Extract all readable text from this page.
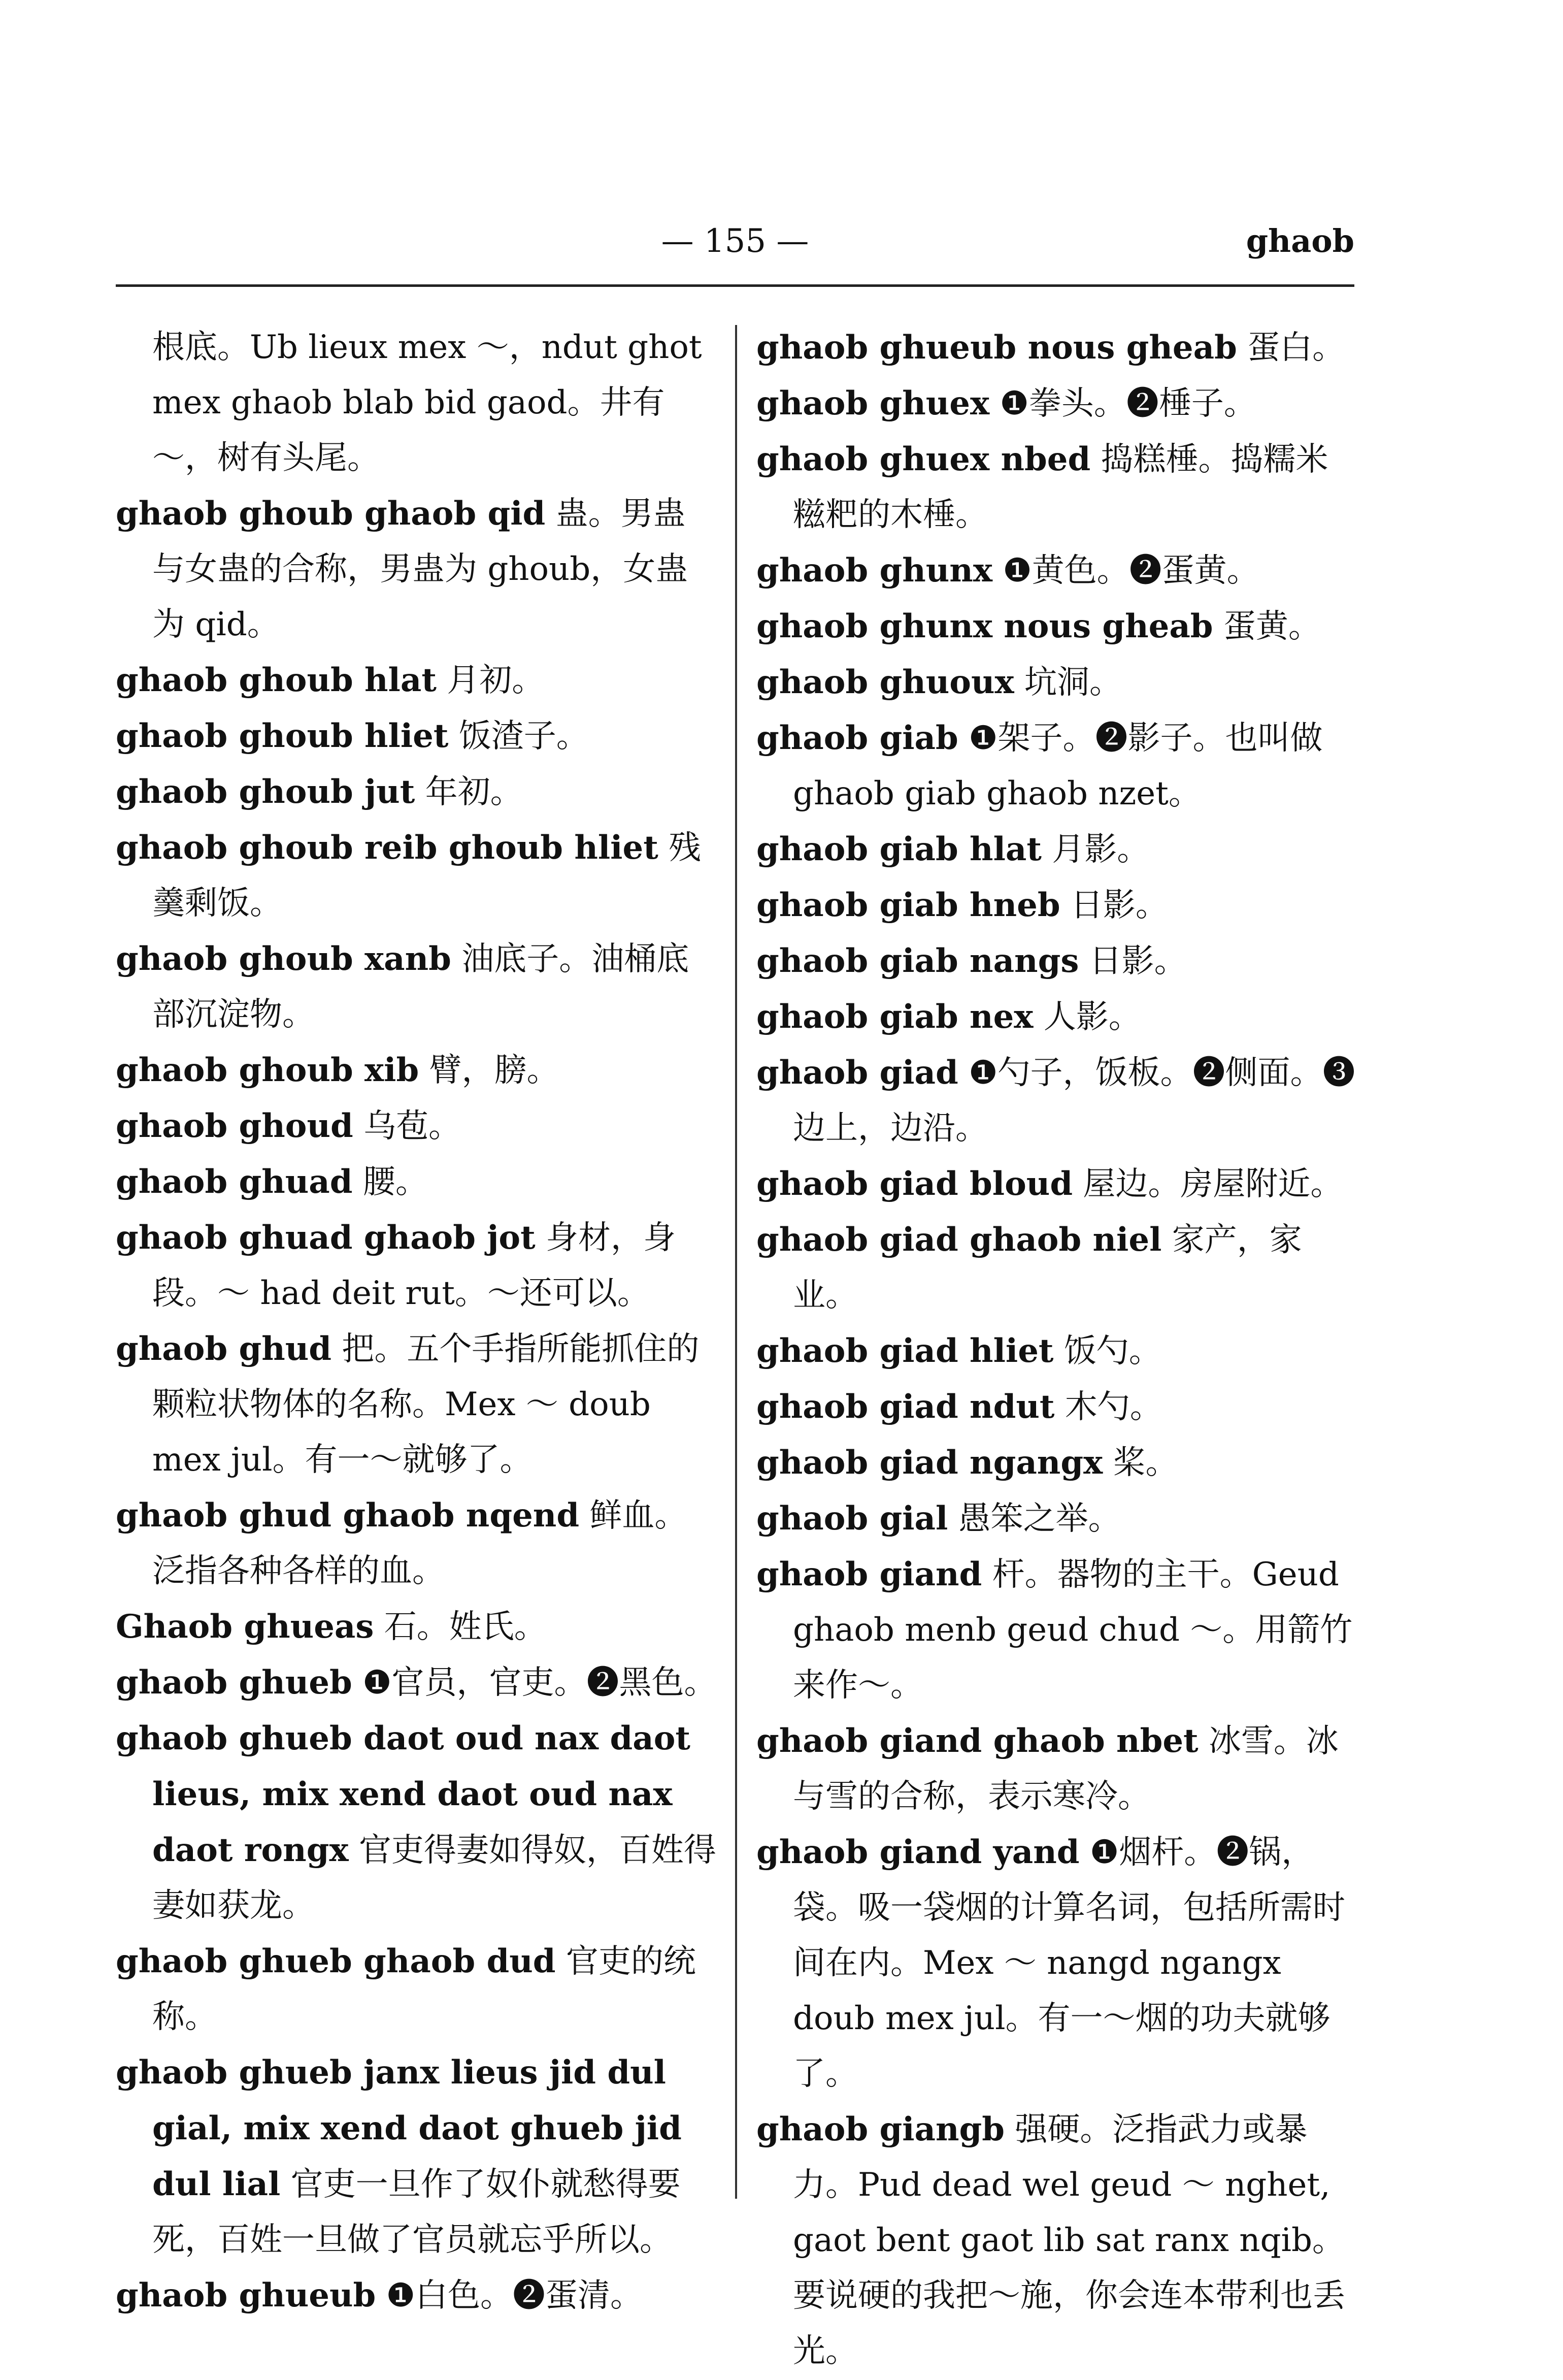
— 155 —	ghaob
根底。Ub lieux mex ～，ndut ghot mex ghaob blab bid gaod。井有～，树有头尾。
ghaob ghoub ghaob qid 蛊。男蛊与女蛊的合称，男蛊为 ghoub，女蛊为 qid。
ghaob ghoub hlat 月初。
ghaob ghoub hliet 饭渣子。
ghaob ghoub jut 年初。
ghaob ghoub reib ghoub hliet 残羹剩饭。
ghaob ghoub xanb 油底子。油桶底部沉淀物。
ghaob ghoub xib 臂，膀。
ghaob ghoud 乌苞。
ghaob ghuad 腰。
ghaob ghuad ghaob jot 身材，身段。～ had deit rut。～还可以。
ghaob ghud 把。五个手指所能抓住的颗粒状物体的名称。Mex ～ doub mex jul。有一～就够了。
ghaob ghud ghaob nqend 鲜血。泛指各种各样的血。
Ghaob ghueas 石。姓氏。
ghaob ghueb ❶官员，官吏。❷黑色。
ghaob ghueb daot oud nax daot lieus, mix xend daot oud nax daot rongx 官吏得妻如得奴，百姓得妻如获龙。
ghaob ghueb ghaob dud 官吏的统称。
ghaob ghueb janx lieus jid dul gial, mix xend daot ghueb jid dul lial 官吏一旦作了奴仆就愁得要死，百姓一旦做了官员就忘乎所以。
ghaob ghueub ❶白色。❷蛋清。
ghaob ghueub nous gheab 蛋白。
ghaob ghuex ❶拳头。❷棰子。
ghaob ghuex nbed 捣糕棰。捣糯米糍粑的木棰。
ghaob ghunx ❶黄色。❷蛋黄。
ghaob ghunx nous gheab 蛋黄。
ghaob ghuoux 坑洞。
ghaob giab ❶架子。❷影子。也叫做 ghaob giab ghaob nzet。
ghaob giab hlat 月影。
ghaob giab hneb 日影。
ghaob giab nangs 日影。
ghaob giab nex 人影。
ghaob giad ❶勺子，饭板。❷侧面。❸边上，边沿。
ghaob giad bloud 屋边。房屋附近。
ghaob giad ghaob niel 家产，家业。
ghaob giad hliet 饭勺。
ghaob giad ndut 木勺。
ghaob giad ngangx 桨。
ghaob gial 愚笨之举。
ghaob giand 杆。器物的主干。Geud ghaob menb geud chud ～。用箭竹来作～。
ghaob giand ghaob nbet 冰雪。冰与雪的合称，表示寒冷。
ghaob giand yand ❶烟杆。❷锅，袋。吸一袋烟的计算名词，包括所需时间在内。Mex ～ nangd ngangx doub mex jul。有一～烟的功夫就够了。
ghaob giangb 强硬。泛指武力或暴力。Pud dead wel geud ～ nghet, gaot bent gaot lib sat ranx nqib。要说硬的我把～施，你会连本带利也丢光。
